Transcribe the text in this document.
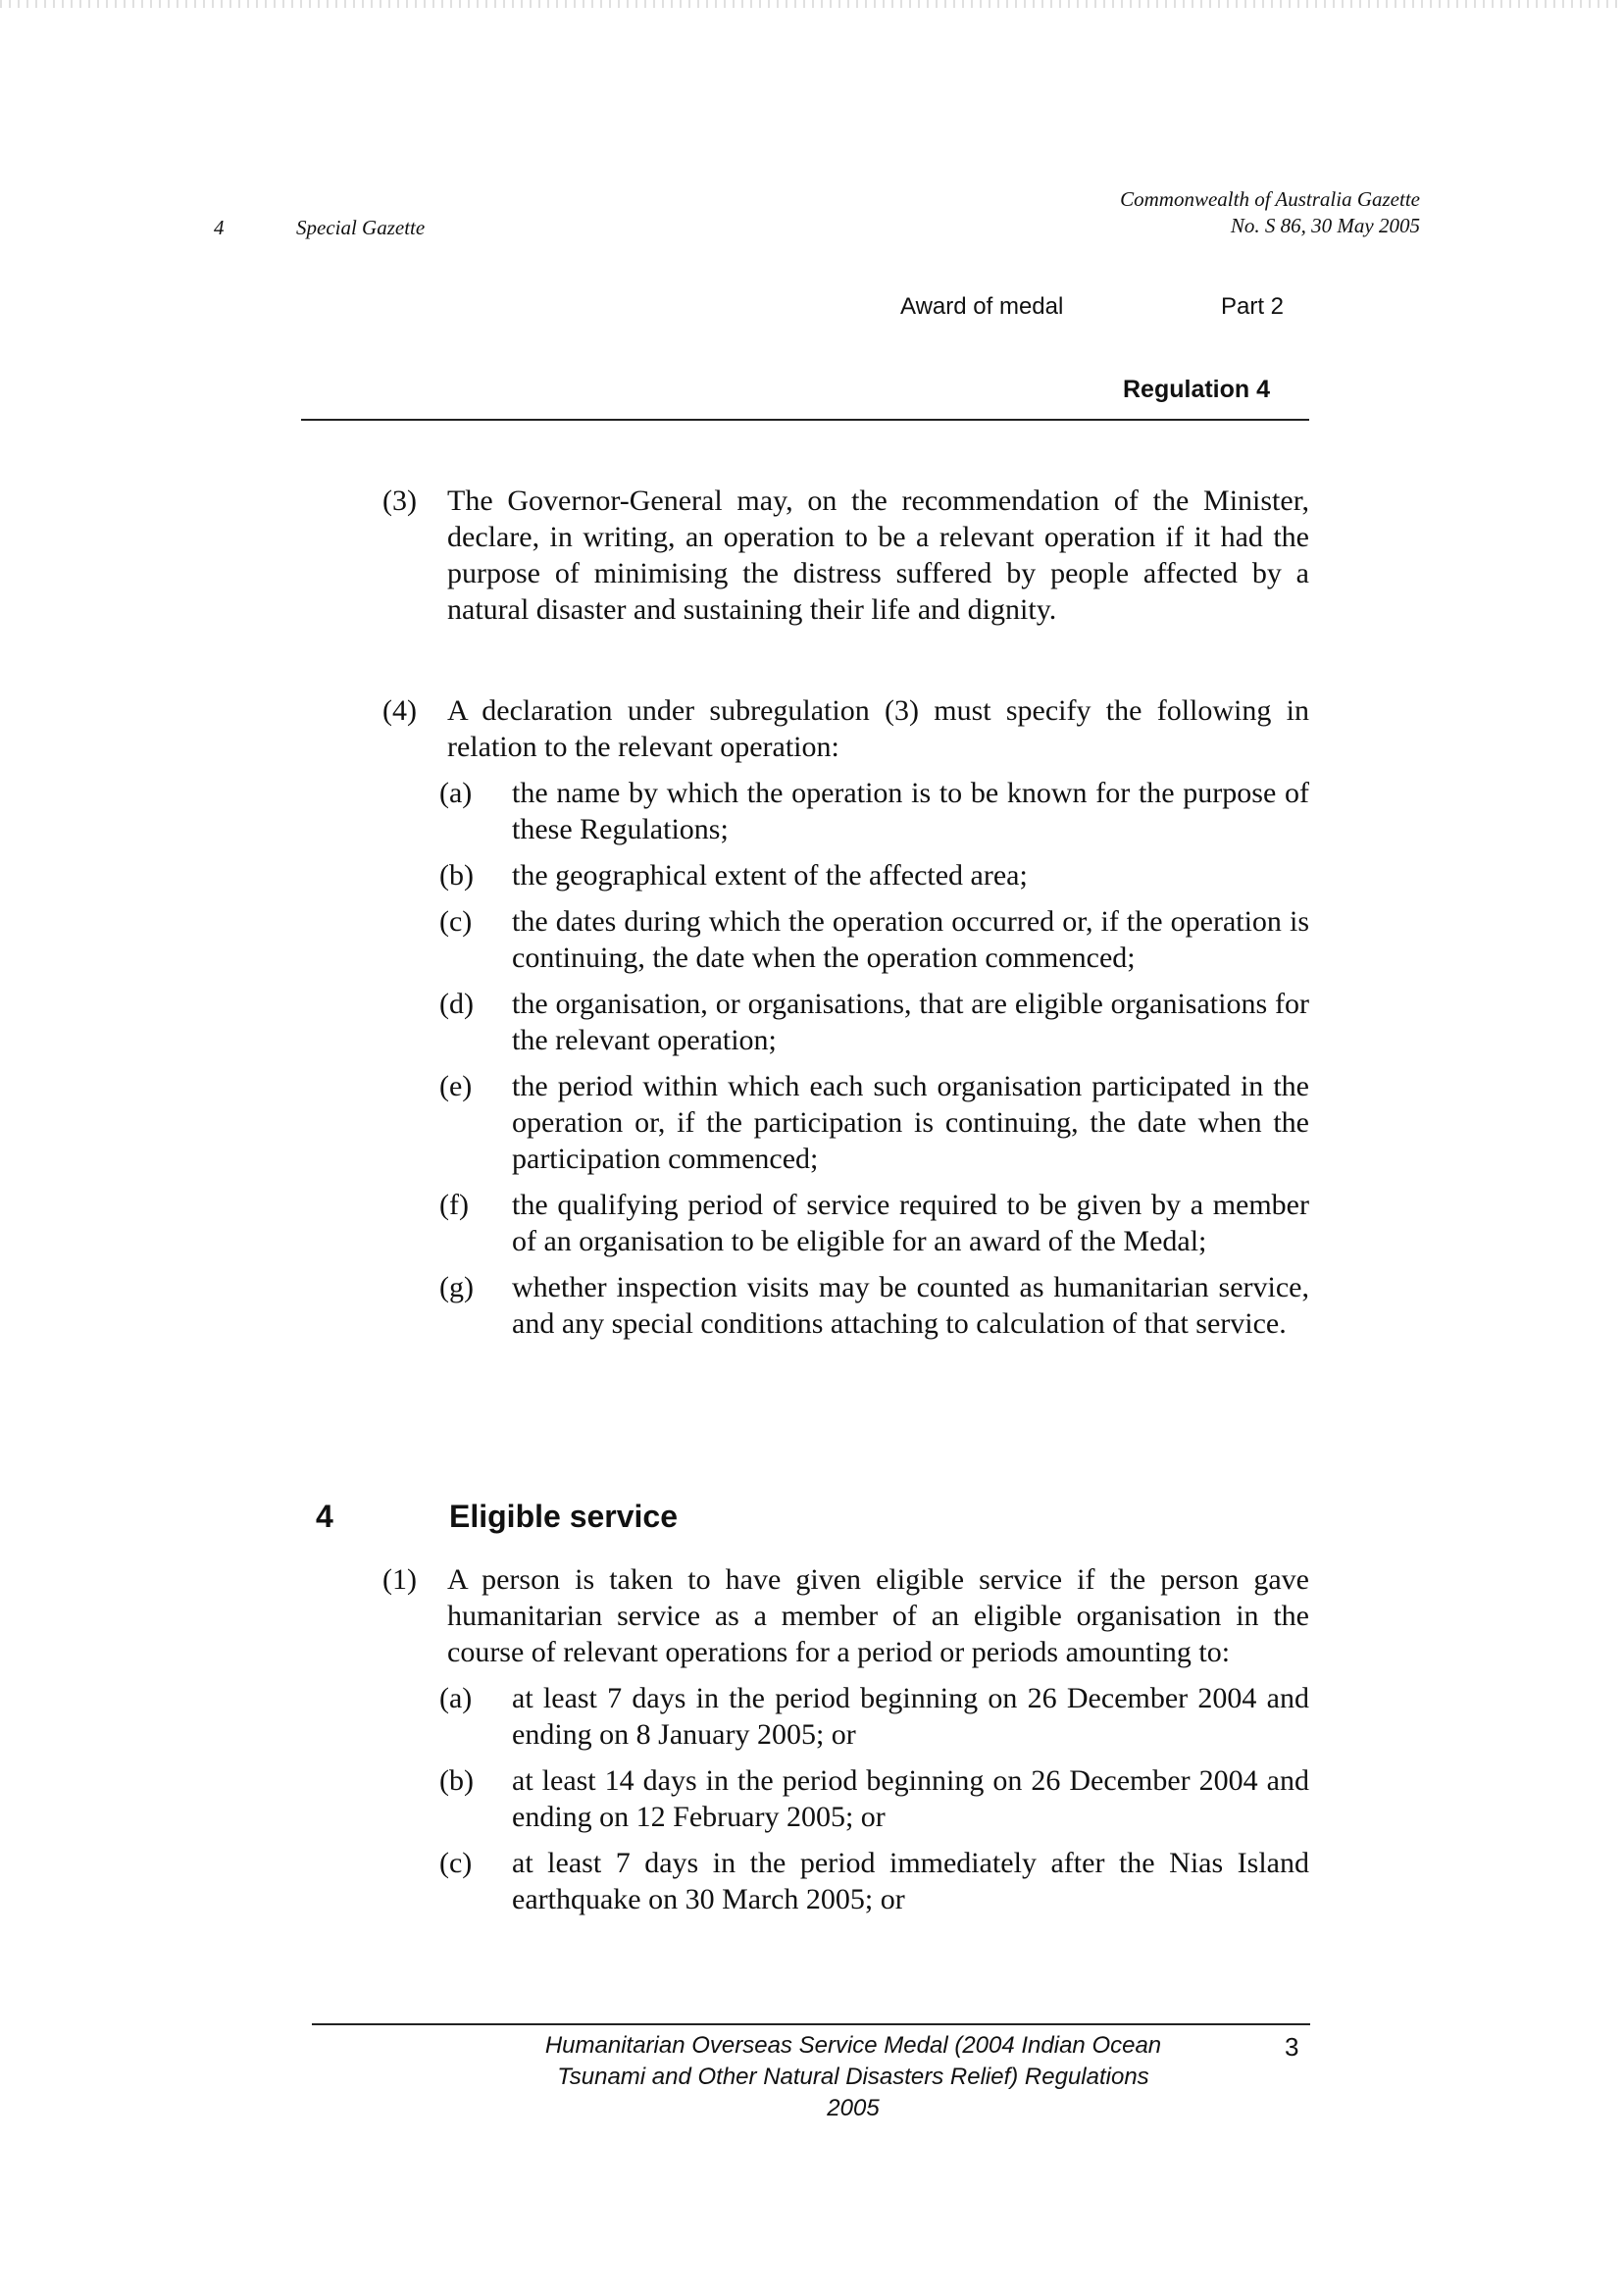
4	Special Gazette
Commonwealth of Australia Gazette
No. S 86, 30 May 2005
Award of medal	Part 2
Regulation 4
(3) The Governor-General may, on the recommendation of the Minister, declare, in writing, an operation to be a relevant operation if it had the purpose of minimising the distress suffered by people affected by a natural disaster and sustaining their life and dignity.
(4) A declaration under subregulation (3) must specify the following in relation to the relevant operation:
(a) the name by which the operation is to be known for the purpose of these Regulations;
(b) the geographical extent of the affected area;
(c) the dates during which the operation occurred or, if the operation is continuing, the date when the operation commenced;
(d) the organisation, or organisations, that are eligible organisations for the relevant operation;
(e) the period within which each such organisation participated in the operation or, if the participation is continuing, the date when the participation commenced;
(f) the qualifying period of service required to be given by a member of an organisation to be eligible for an award of the Medal;
(g) whether inspection visits may be counted as humanitarian service, and any special conditions attaching to calculation of that service.
4	Eligible service
(1) A person is taken to have given eligible service if the person gave humanitarian service as a member of an eligible organisation in the course of relevant operations for a period or periods amounting to:
(a) at least 7 days in the period beginning on 26 December 2004 and ending on 8 January 2005; or
(b) at least 14 days in the period beginning on 26 December 2004 and ending on 12 February 2005; or
(c) at least 7 days in the period immediately after the Nias Island earthquake on 30 March 2005; or
Humanitarian Overseas Service Medal (2004 Indian Ocean
Tsunami and Other Natural Disasters Relief) Regulations
2005
3
